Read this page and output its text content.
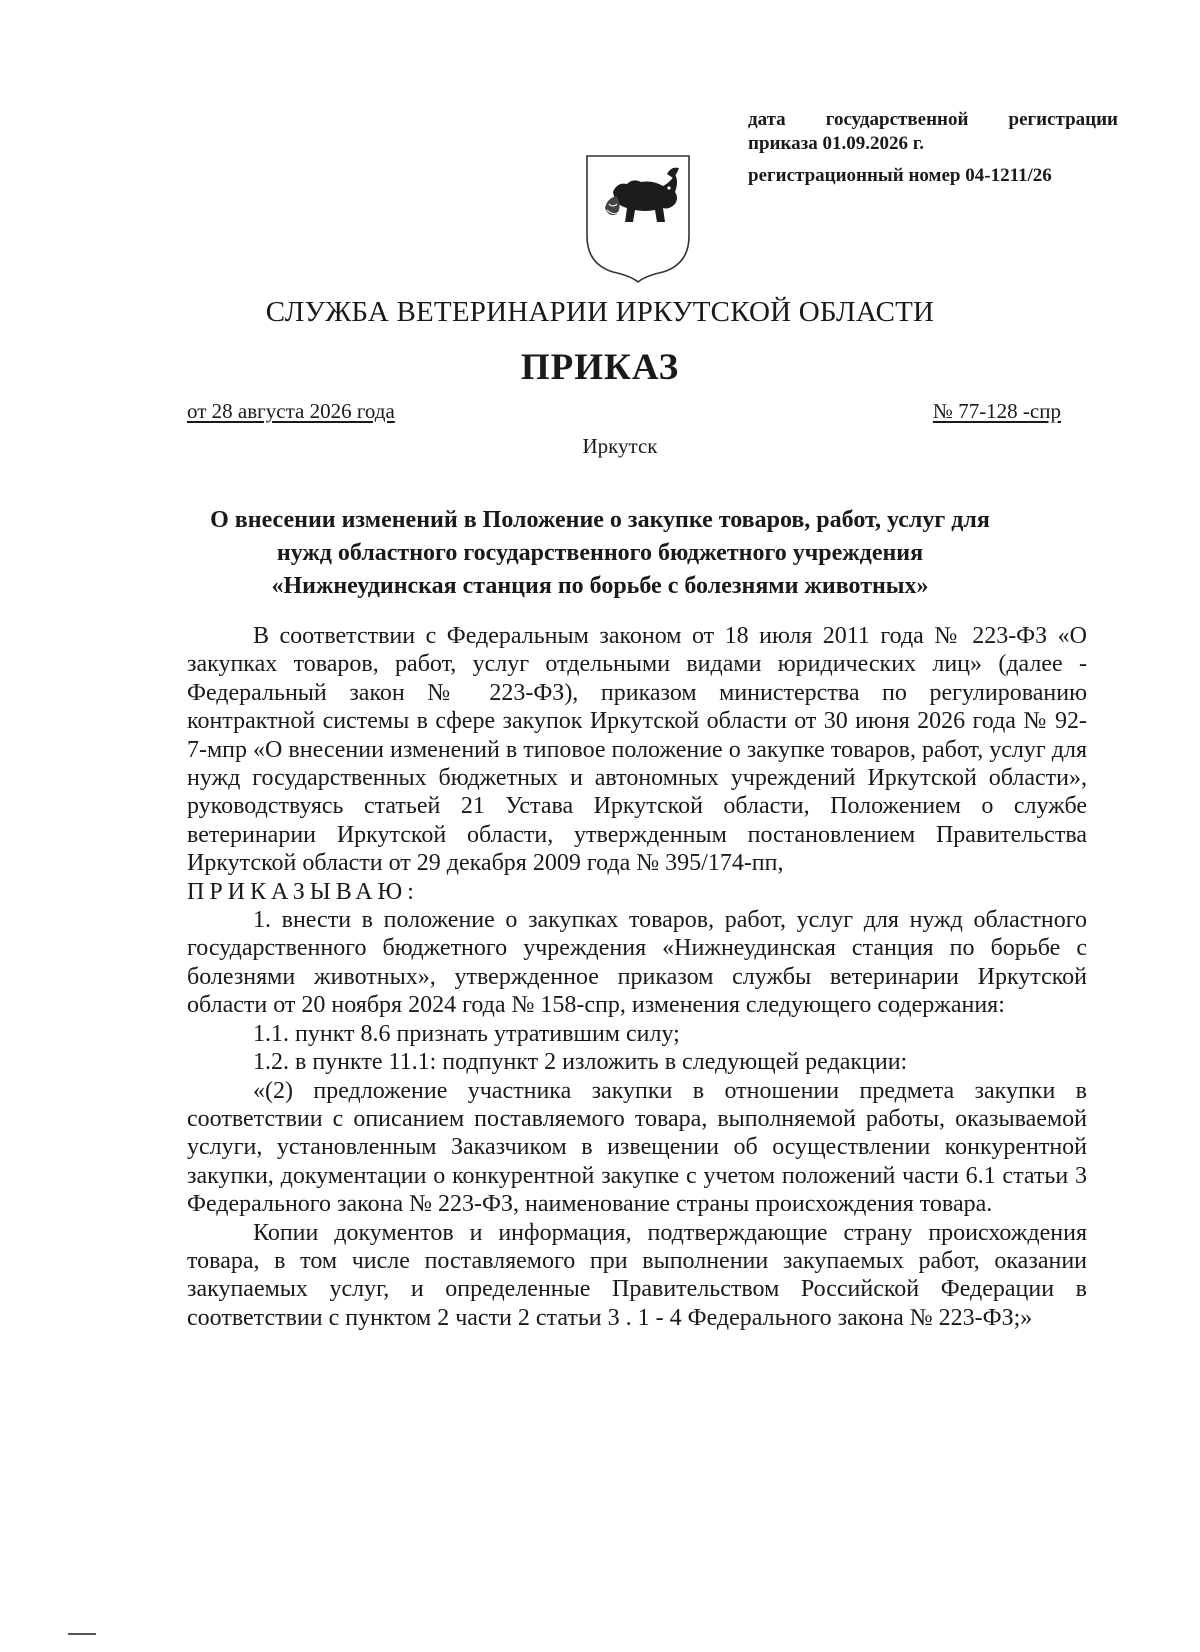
дата государственной регистрации приказа 01.09.2026 г.
регистрационный номер 04-1211/26
СЛУЖБА ВЕТЕРИНАРИИ ИРКУТСКОЙ ОБЛАСТИ
ПРИКАЗ
от 28 августа 2026 года	№ 77-128 -спр
Иркутск
О внесении изменений в Положение о закупке товаров, работ, услуг для
нужд областного государственного бюджетного учреждения
«Нижнеудинская станция по борьбе с болезнями животных»

В соответствии с Федеральным законом от 18 июля 2011 года № 223-ФЗ «О закупках товаров, работ, услуг отдельными видами юридических лиц» (далее - Федеральный закон № 223-ФЗ), приказом министерства по регулированию контрактной системы в сфере закупок Иркутской области от 30 июня 2026 года № 92-7-мпр «О внесении изменений в типовое положение о закупке товаров, работ, услуг для нужд государственных бюджетных и автономных учреждений Иркутской области», руководствуясь статьей 21 Устава Иркутской области, Положением о службе ветеринарии Иркутской области, утвержденным постановлением Правительства Иркутской области от 29 декабря 2009 года № 395/174-пп,

ПРИКАЗЫВАЮ:

1. внести в положение о закупках товаров, работ, услуг для нужд областного государственного бюджетного учреждения «Нижнеудинская станция по борьбе с болезнями животных», утвержденное приказом службы ветеринарии Иркутской области от 20 ноября 2024 года № 158-спр, изменения следующего содержания:

1.1. пункт 8.6 признать утратившим силу;

1.2. в пункте 11.1: подпункт 2 изложить в следующей редакции:

«(2) предложение участника закупки в отношении предмета закупки в соответствии с описанием поставляемого товара, выполняемой работы, оказываемой услуги, установленным Заказчиком в извещении об осуществлении конкурентной закупки, документации о конкурентной закупке с учетом положений части 6.1 статьи 3 Федерального закона № 223-ФЗ, наименование страны происхождения товара.

Копии документов и информация, подтверждающие страну происхождения товара, в том числе поставляемого при выполнении закупаемых работ, оказании закупаемых услуг, и определенные Правительством Российской Федерации в соответствии с пунктом 2 части 2 статьи 3 . 1 - 4 Федерального закона № 223-ФЗ;»
